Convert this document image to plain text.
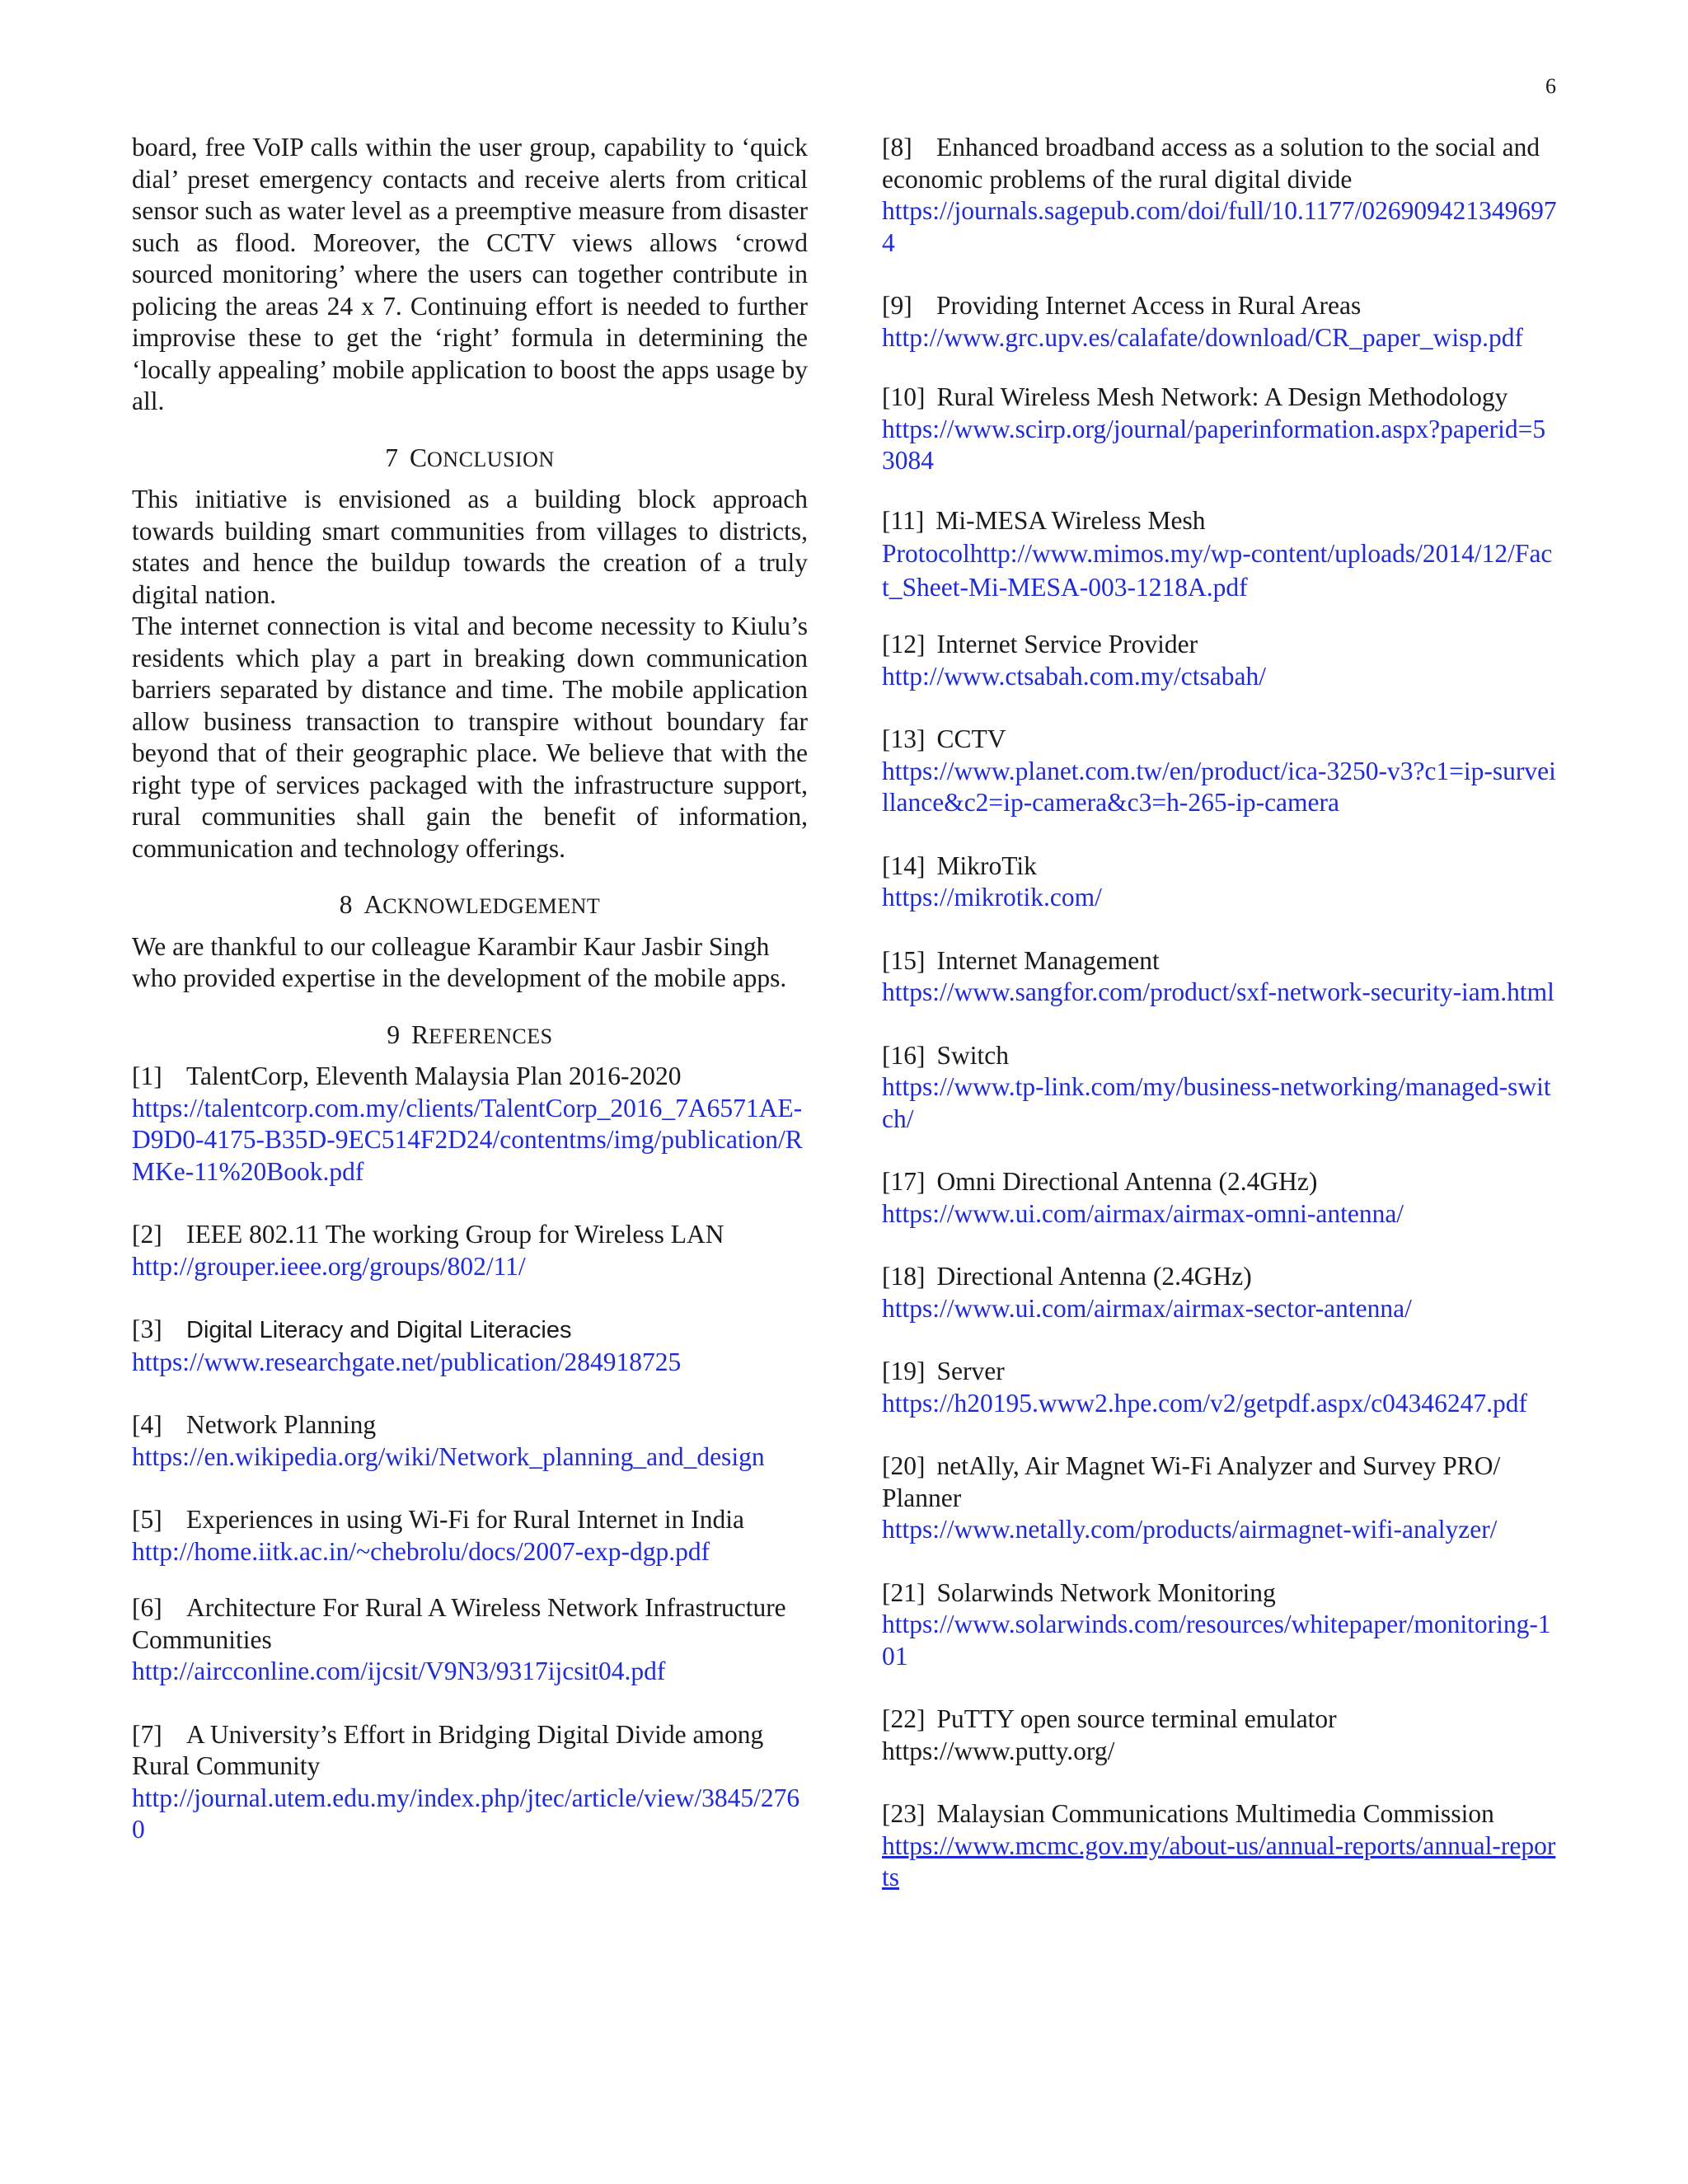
6

board, free VoIP calls within the user group, capability to ‘quick dial’ preset emergency contacts and receive alerts from critical sensor such as water level as a preemptive measure from disaster such as flood. Moreover, the CCTV views allows ‘crowd sourced monitoring’ where the users can together contribute in policing the areas 24 x 7. Continuing effort is needed to further improvise these to get the ‘right’ formula in determining the ‘locally appealing’ mobile application to boost the apps usage by all.

7 CONCLUSION

This initiative is envisioned as a building block approach towards building smart communities from villages to districts, states and hence the buildup towards the creation of a truly digital nation.

The internet connection is vital and become necessity to Kiulu’s residents which play a part in breaking down communication barriers separated by distance and time. The mobile application allow business transaction to transpire without boundary far beyond that of their geographic place. We believe that with the right type of services packaged with the infrastructure support, rural communities shall gain the benefit of information, communication and technology offerings.

8 ACKNOWLEDGEMENT

We are thankful to our colleague Karambir Kaur Jasbir Singh who provided expertise in the development of the mobile apps.

9 REFERENCES
[1] TalentCorp, Eleventh Malaysia Plan 2016-2020
https://talentcorp.com.my/clients/TalentCorp_2016_7A6571AE-D9D0-4175-B35D-9EC514F2D24/contentms/img/publication/RMKe-11%20Book.pdf
[2] IEEE 802.11 The working Group for Wireless LAN
http://grouper.ieee.org/groups/802/11/
[3] Digital Literacy and Digital Literacies
https://www.researchgate.net/publication/284918725
[4] Network Planning
https://en.wikipedia.org/wiki/Network_planning_and_design
[5] Experiences in using Wi-Fi for Rural Internet in India
http://home.iitk.ac.in/~chebrolu/docs/2007-exp-dgp.pdf
[6] Architecture For Rural A Wireless Network Infrastructure Communities
http://aircconline.com/ijcsit/V9N3/9317ijcsit04.pdf
[7] A University’s Effort in Bridging Digital Divide among Rural Community
http://journal.utem.edu.my/index.php/jtec/article/view/3845/2760
[8] Enhanced broadband access as a solution to the social and economic problems of the rural digital divide
https://journals.sagepub.com/doi/full/10.1177/0269094213496974
[9] Providing Internet Access in Rural Areas
http://www.grc.upv.es/calafate/download/CR_paper_wisp.pdf
[10] Rural Wireless Mesh Network: A Design Methodology
https://www.scirp.org/journal/paperinformation.aspx?paperid=53084
[11] Mi-MESA Wireless Mesh
Protocolhttp://www.mimos.my/wp-content/uploads/2014/12/Fact_Sheet-Mi-MESA-003-1218A.pdf
[12] Internet Service Provider
http://www.ctsabah.com.my/ctsabah/
[13] CCTV
https://www.planet.com.tw/en/product/ica-3250-v3?c1=ip-surveillance&c2=ip-camera&c3=h-265-ip-camera
[14] MikroTik
https://mikrotik.com/
[15] Internet Management
https://www.sangfor.com/product/sxf-network-security-iam.html
[16] Switch
https://www.tp-link.com/my/business-networking/managed-switch/
[17] Omni Directional Antenna (2.4GHz)
https://www.ui.com/airmax/airmax-omni-antenna/
[18] Directional Antenna (2.4GHz)
https://www.ui.com/airmax/airmax-sector-antenna/
[19] Server
https://h20195.www2.hpe.com/v2/getpdf.aspx/c04346247.pdf
[20] netAlly, Air Magnet Wi-Fi Analyzer and Survey PRO/ Planner
https://www.netally.com/products/airmagnet-wifi-analyzer/
[21] Solarwinds Network Monitoring
https://www.solarwinds.com/resources/whitepaper/monitoring-101
[22] PuTTY open source terminal emulator
https://www.putty.org/
[23] Malaysian Communications Multimedia Commission
https://www.mcmc.gov.my/about-us/annual-reports/annual-reports
